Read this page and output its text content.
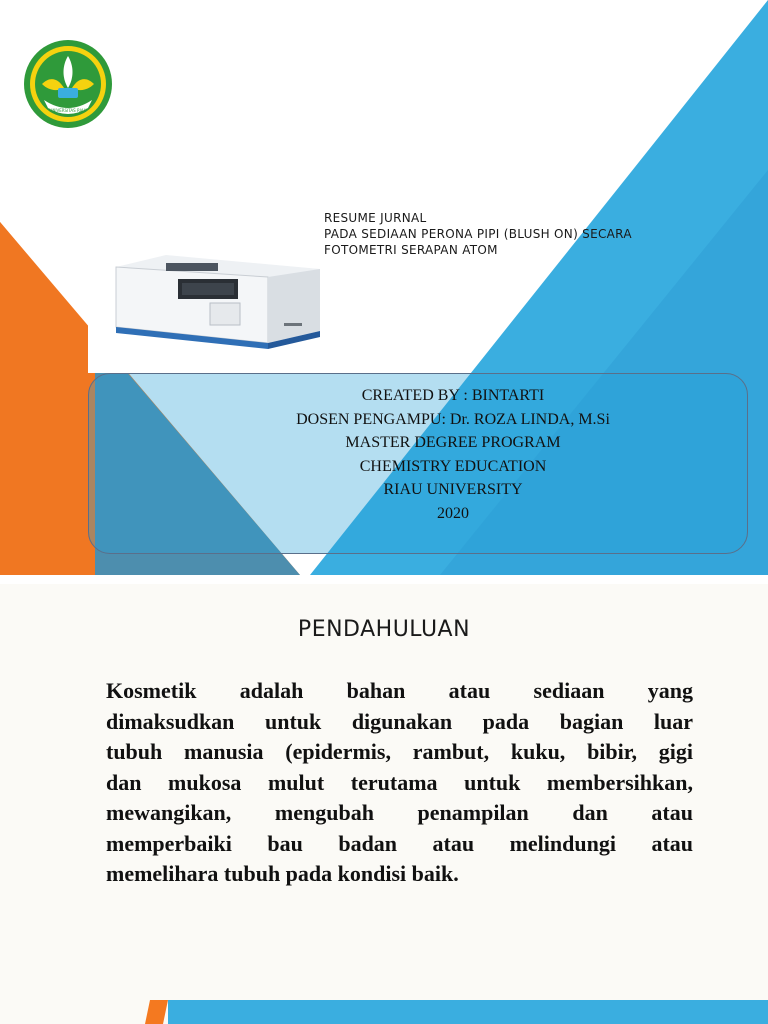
UNIVERSITAS RIAU
RESUME JURNAL
PADA SEDIAAN PERONA PIPI (BLUSH ON) SECARA
FOTOMETRI SERAPAN ATOM
CREATED BY : BINTARTI
DOSEN PENGAMPU: Dr. ROZA LINDA, M.Si
MASTER DEGREE PROGRAM
CHEMISTRY EDUCATION
RIAU UNIVERSITY
2020
PENDAHULUAN
Kosmetik adalah bahan atau sediaan yang
dimaksudkan untuk digunakan pada bagian luar
tubuh manusia (epidermis, rambut, kuku, bibir, gigi
dan mukosa mulut terutama untuk membersihkan,
mewangikan, mengubah penampilan dan atau
memperbaiki bau badan atau melindungi atau
memelihara tubuh pada kondisi baik.
